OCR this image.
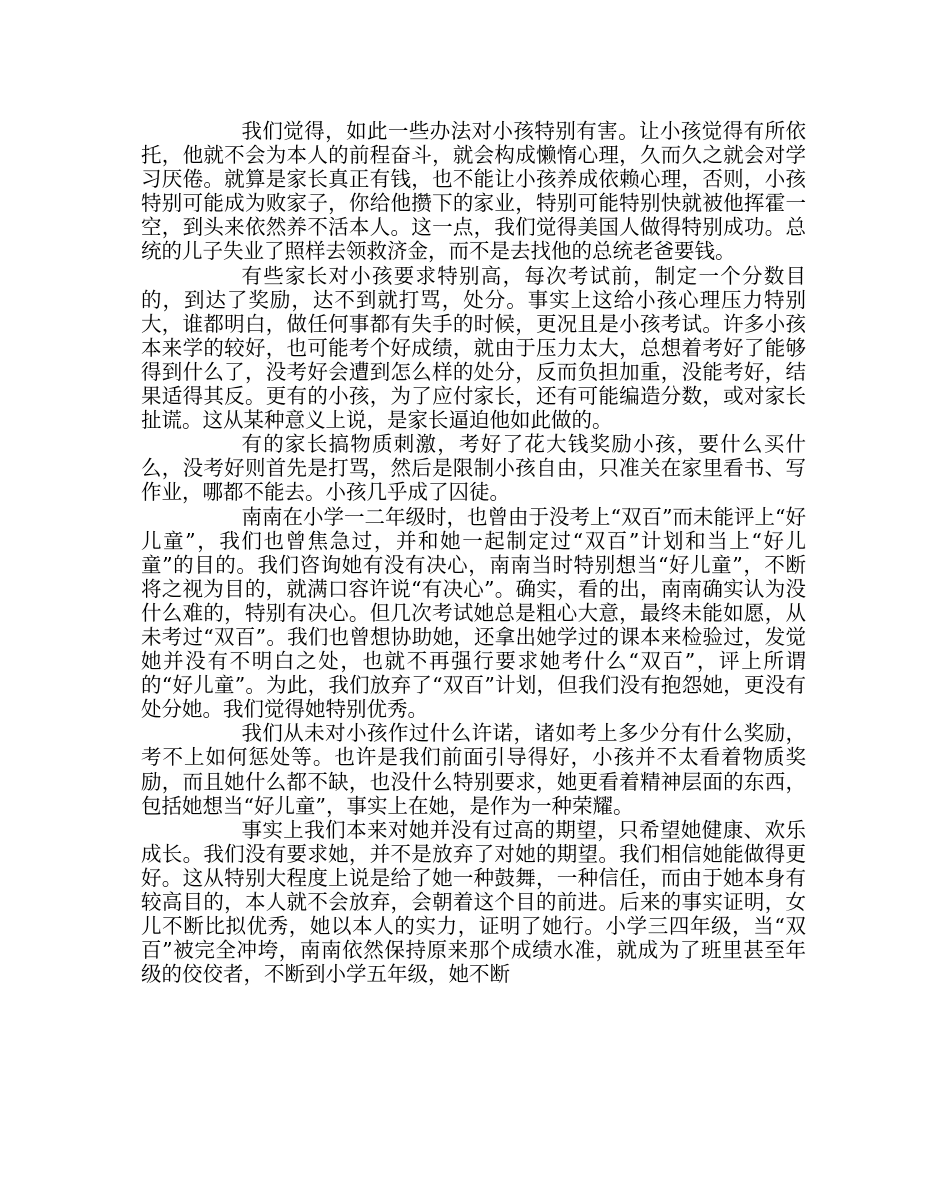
我们觉得，如此一些办法对小孩特别有害。让小孩觉得有所依托，他就不会为本人的前程奋斗，就会构成懒惰心理，久而久之就会对学习厌倦。就算是家长真正有钱，也不能让小孩养成依赖心理，否则，小孩特别可能成为败家子，你给他攒下的家业，特别可能特别快就被他挥霍一空，到头来依然养不活本人。这一点，我们觉得美国人做得特别成功。总统的儿子失业了照样去领救济金，而不是去找他的总统老爸要钱。

有些家长对小孩要求特别高，每次考试前，制定一个分数目的，到达了奖励，达不到就打骂，处分。事实上这给小孩心理压力特别大，谁都明白，做任何事都有失手的时候，更况且是小孩考试。许多小孩本来学的较好，也可能考个好成绩，就由于压力太大，总想着考好了能够得到什么了，没考好会遭到怎么样的处分，反而负担加重，没能考好，结果适得其反。更有的小孩，为了应付家长，还有可能编造分数，或对家长扯谎。这从某种意义上说，是家长逼迫他如此做的。

有的家长搞物质刺激，考好了花大钱奖励小孩，要什么买什么，没考好则首先是打骂，然后是限制小孩自由，只准关在家里看书、写作业，哪都不能去。小孩几乎成了囚徒。

南南在小学一二年级时，也曾由于没考上“双百”而未能评上“好儿童”，我们也曾焦急过，并和她一起制定过“双百”计划和当上“好儿童”的目的。我们咨询她有没有决心，南南当时特别想当“好儿童”，不断将之视为目的，就满口容许说“有决心”。确实，看的出，南南确实认为没什么难的，特别有决心。但几次考试她总是粗心大意，最终未能如愿，从未考过“双百”。我们也曾想协助她，还拿出她学过的课本来检验过，发觉她并没有不明白之处，也就不再强行要求她考什么“双百”，评上所谓的“好儿童”。为此，我们放弃了“双百”计划，但我们没有抱怨她，更没有处分她。我们觉得她特别优秀。

我们从未对小孩作过什么许诺，诸如考上多少分有什么奖励，考不上如何惩处等。也许是我们前面引导得好，小孩并不太看着物质奖励，而且她什么都不缺，也没什么特别要求，她更看着精神层面的东西，包括她想当“好儿童”，事实上在她，是作为一种荣耀。

事实上我们本来对她并没有过高的期望，只希望她健康、欢乐成长。我们没有要求她，并不是放弃了对她的期望。我们相信她能做得更好。这从特别大程度上说是给了她一种鼓舞，一种信任，而由于她本身有较高目的，本人就不会放弃，会朝着这个目的前进。后来的事实证明，女儿不断比拟优秀，她以本人的实力，证明了她行。小学三四年级，当“双百”被完全冲垮，南南依然保持原来那个成绩水准，就成为了班里甚至年级的佼佼者，不断到小学五年级，她不断
